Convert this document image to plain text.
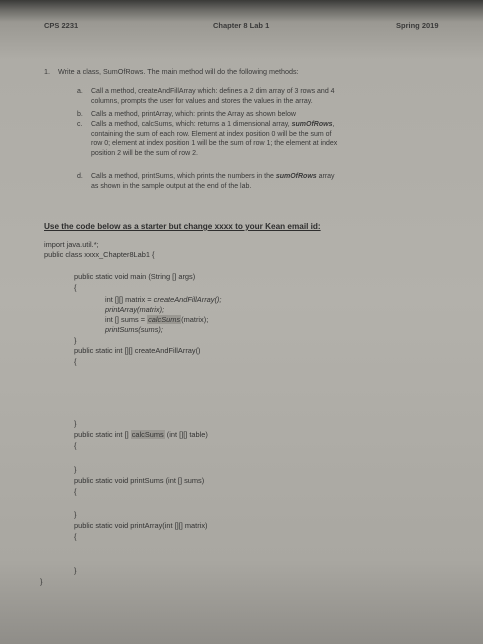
CPS 2231	Chapter 8 Lab 1	Spring 2019
1. Write a class, SumOfRows. The main method will do the following methods:
a.	Call a method, createAndFillArray which: defines a 2 dim array of 3 rows and 4
columns, prompts the user for values and stores the values in the array.
b.	Calls a method, printArray, which: prints the Array as shown below
c.	Calls a method, calcSums, which: returns a 1 dimensional array, sumOfRows,
containing the sum of each row. Element at index position 0 will be the sum of
row 0; element at index position 1 will be the sum of row 1; the element at index
position 2 will be the sum of row 2.
d.	Calls a method, printSums, which prints the numbers in the sumOfRows array
as shown in the sample output at the end of the lab.
Use the code below as a starter but change xxxx to your Kean email id:
import java.util.*;
public class xxxx_Chapter8Lab1 {
public static void main (String [] args)
{
int [][] matrix = createAndFillArray();
printArray(matrix);
int [] sums = calcSums(matrix);
printSums(sums);
}
public static int [][] createAndFillArray()
{
}
public static int [] calcSums (int [][] table)
{
}
public static void printSums (int [] sums)
{
}
public static void printArray(int [][] matrix)
{
}
}
